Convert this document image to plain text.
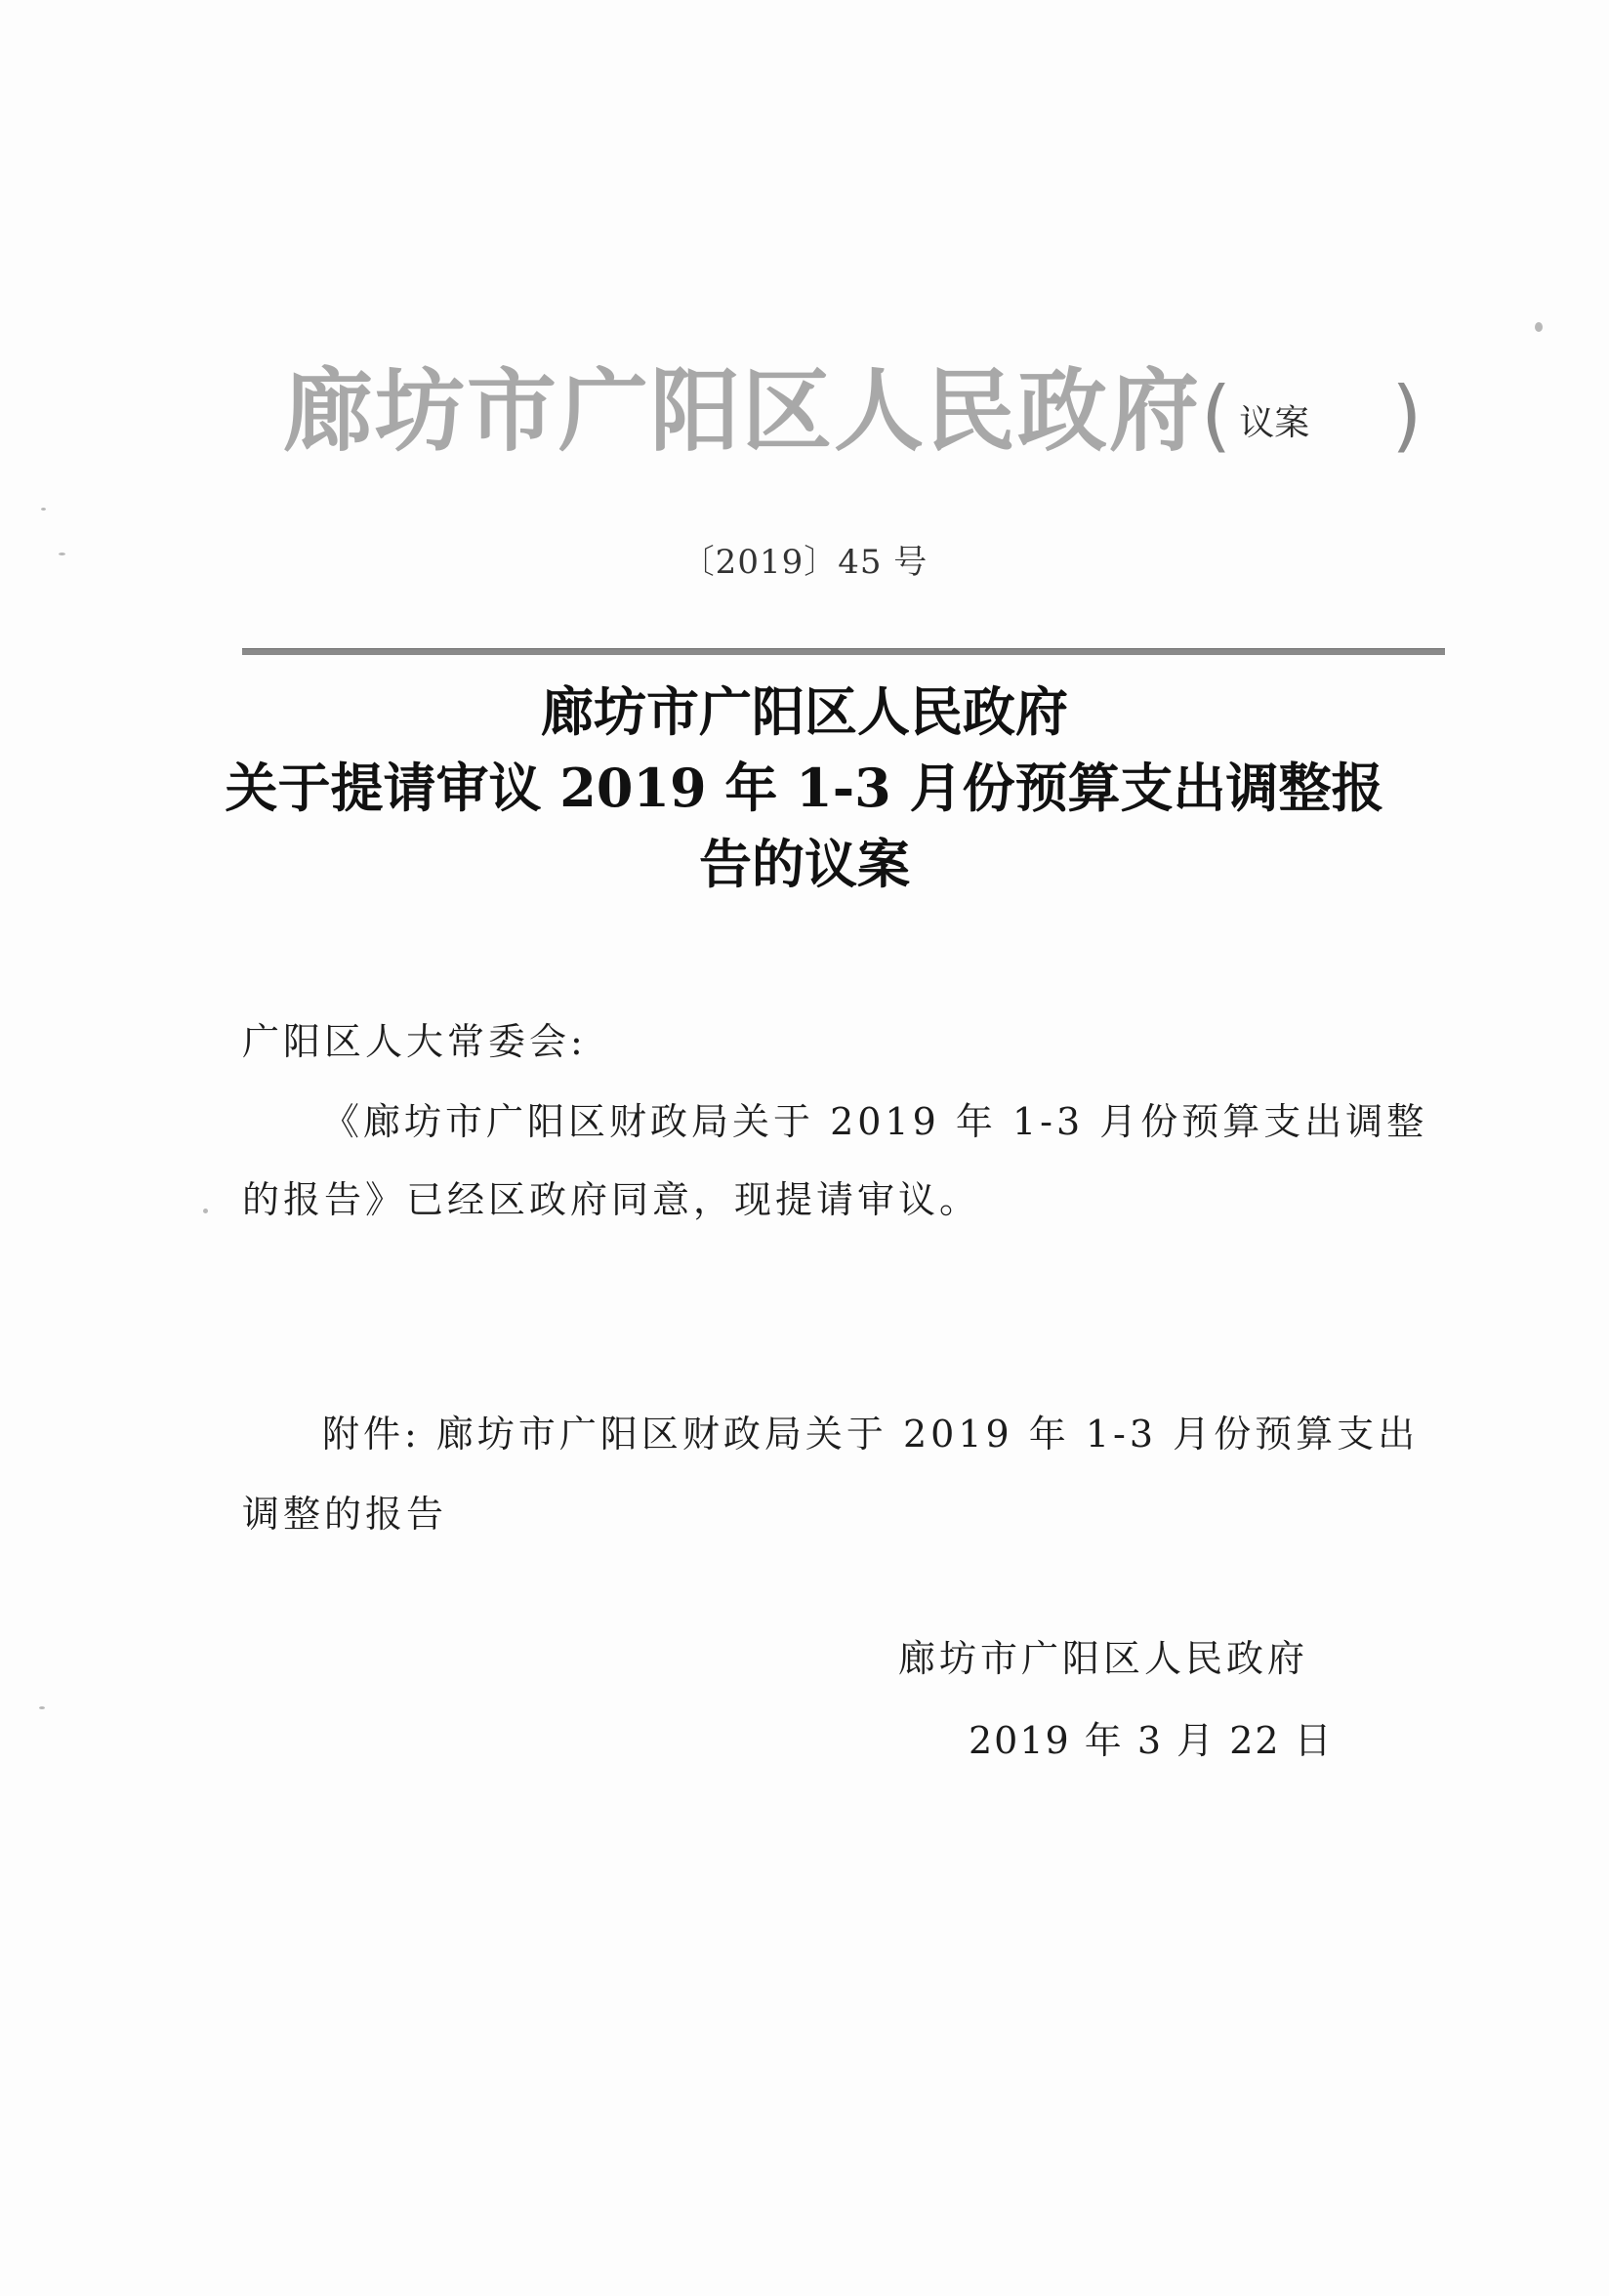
廊坊市广阳区人民政府 ( 议案 )
〔2019〕45 号
廊坊市广阳区人民政府
关于提请审议 2019 年 1-3 月份预算支出调整报
告的议案
广阳区人大常委会:
《廊坊市广阳区财政局关于 2019 年 1-3 月份预算支出调整
的报告》已经区政府同意，现提请审议。
附件: 廊坊市广阳区财政局关于 2019 年 1-3 月份预算支出
调整的报告
廊坊市广阳区人民政府
2019 年 3 月 22 日
